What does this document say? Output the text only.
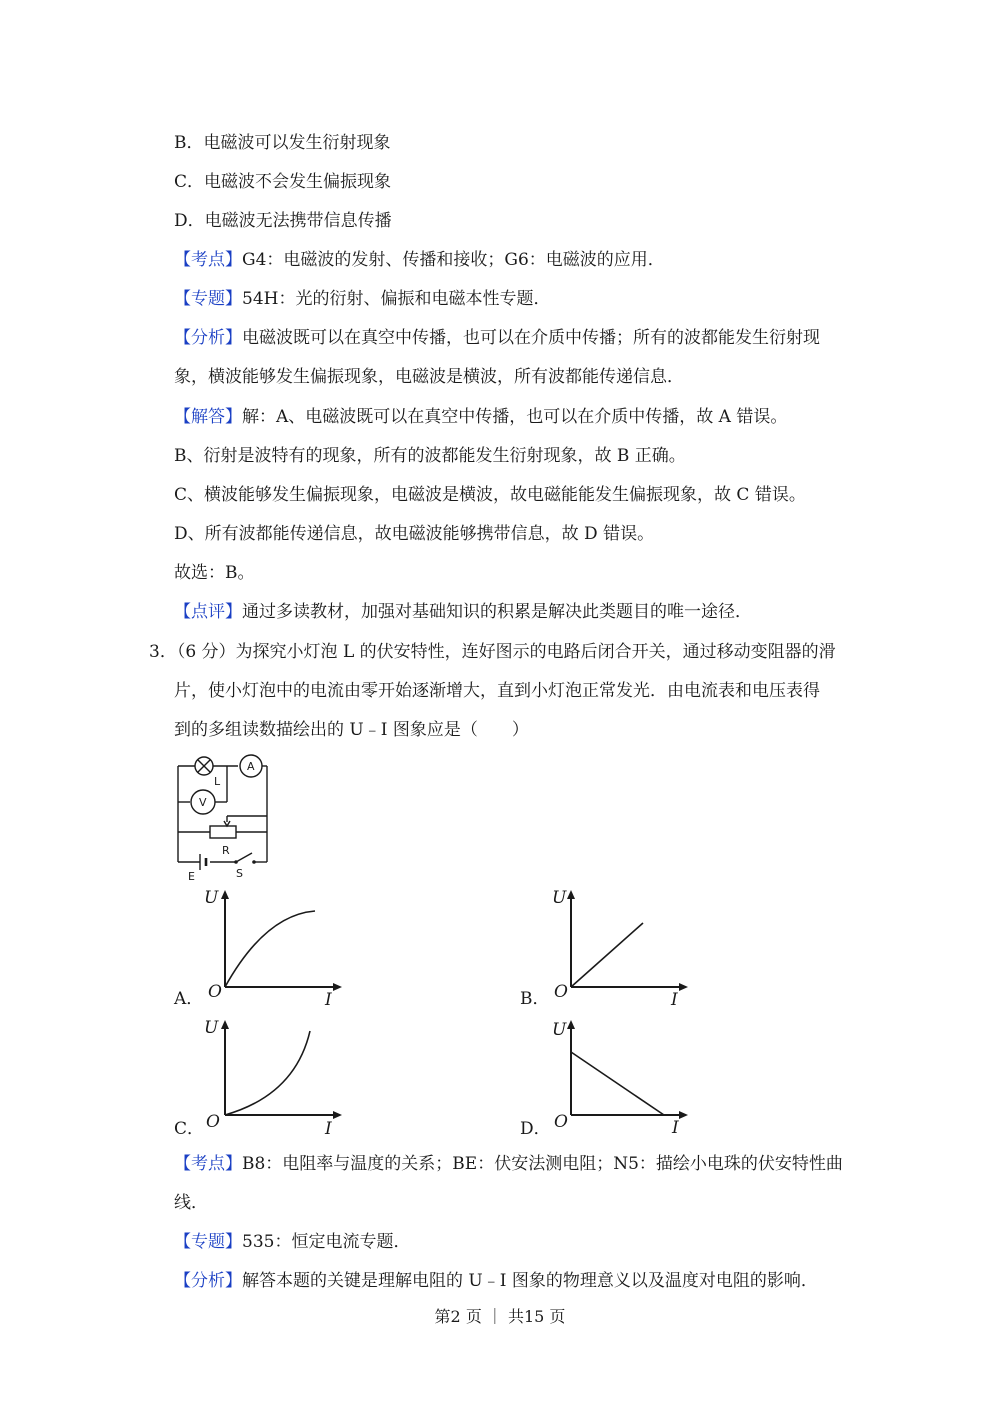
B．电磁波可以发生衍射现象
C．电磁波不会发生偏振现象
D．电磁波无法携带信息传播
【考点】G4：电磁波的发射、传播和接收；G6：电磁波的应用．
【专题】54H：光的衍射、偏振和电磁本性专题．
【分析】电磁波既可以在真空中传播，也可以在介质中传播；所有的波都能发生衍射现
象，横波能够发生偏振现象，电磁波是横波，所有波都能传递信息．
【解答】解：A、电磁波既可以在真空中传播，也可以在介质中传播，故 A 错误。
B、衍射是波特有的现象，所有的波都能发生衍射现象，故 B 正确。
C、横波能够发生偏振现象，电磁波是横波，故电磁能能发生偏振现象，故 C 错误。
D、所有波都能传递信息，故电磁波能够携带信息，故 D 错误。
故选：B。
【点评】通过多读教材，加强对基础知识的积累是解决此类题目的唯一途径．
3．（6 分）为探究小灯泡 L 的伏安特性，连好图示的电路后闭合开关，通过移动变阻器的滑
片，使小灯泡中的电流由零开始逐渐增大，直到小灯泡正常发光．由电流表和电压表得
到的多组读数描绘出的 U﹣I 图象应是（　　）
L
A
V
R
E	S
A．
U
O	I	B．
U
O	I
C．
U
O	I	D．
U
O	I
【考点】B8：电阻率与温度的关系；BE：伏安法测电阻；N5：描绘小电珠的伏安特性曲
线．
【专题】535：恒定电流专题．
【分析】解答本题的关键是理解电阻的 U﹣I 图象的物理意义以及温度对电阻的影响．
第2 页 ｜ 共15 页
